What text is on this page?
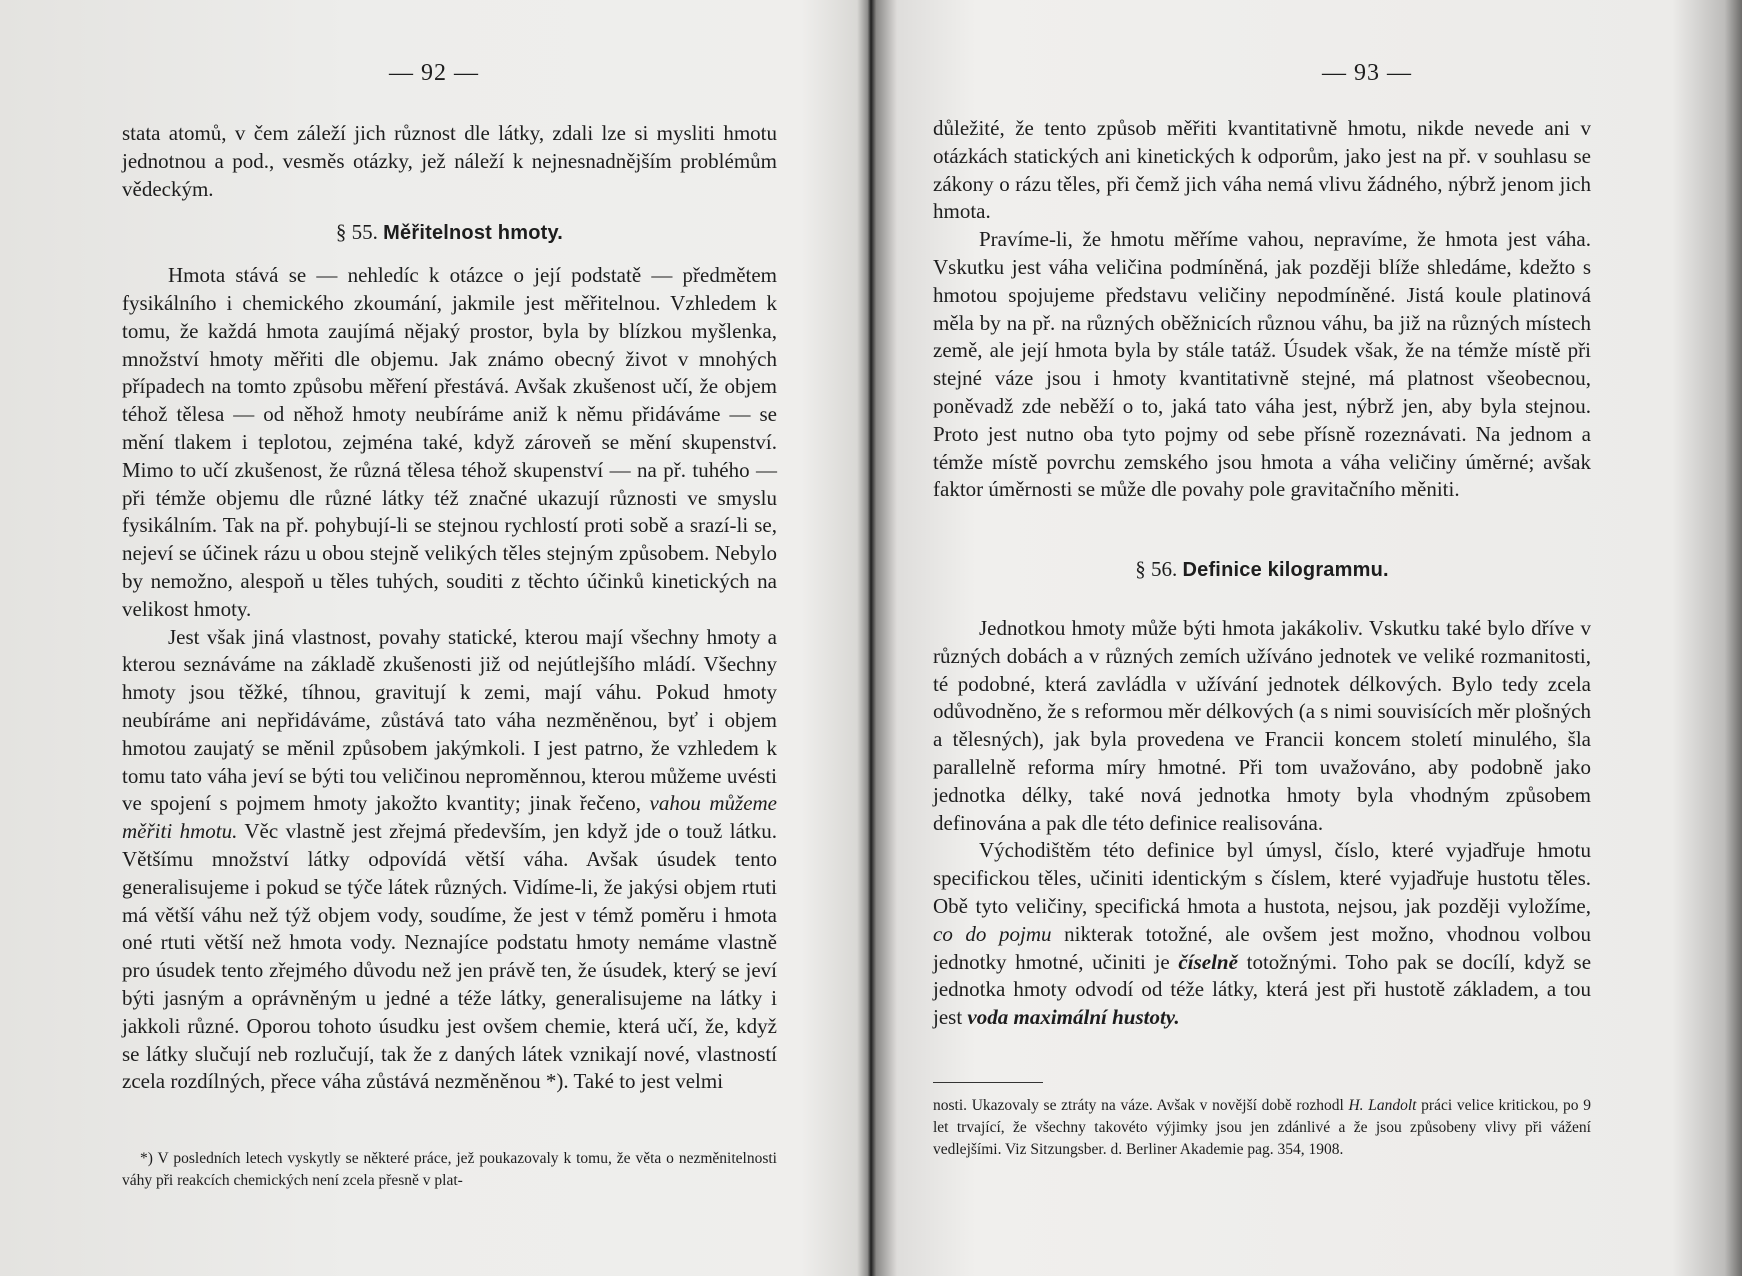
— 92 —

stata atomů, v čem záleží jich různost dle látky, zdali lze si mysliti hmotu jednotnou a pod., vesměs otázky, jež náleží k nejnesnadnějším problémům vědeckým.

§ 55. Měřitelnost hmoty.

Hmota stává se — nehledíc k otázce o její podstatě — předmětem fysikálního i chemického zkoumání, jakmile jest měřitelnou. Vzhledem k tomu, že každá hmota zaujímá nějaký prostor, byla by blízkou myšlenka, množství hmoty měřiti dle objemu. Jak známo obecný život v mnohých případech na tomto způsobu měření přestává. Avšak zkušenost učí, že objem téhož tělesa — od něhož hmoty neubíráme aniž k němu přidáváme — se mění tlakem i teplotou, zejména také, když zároveň se mění skupenství. Mimo to učí zkušenost, že různá tělesa téhož skupenství — na př. tuhého — při témže objemu dle různé látky též značné ukazují různosti ve smyslu fysikálním. Tak na př. pohybují-li se stejnou rychlostí proti sobě a srazí-li se, nejeví se účinek rázu u obou stejně velikých těles stejným způsobem. Nebylo by nemožno, alespoň u těles tuhých, souditi z těchto účinků kinetických na velikost hmoty.

Jest však jiná vlastnost, povahy statické, kterou mají všechny hmoty a kterou seznáváme na základě zkušenosti již od nejútlejšího mládí. Všechny hmoty jsou těžké, tíhnou, gravitují k zemi, mají váhu. Pokud hmoty neubíráme ani nepřidáváme, zůstává tato váha nezměněnou, byť i objem hmotou zaujatý se měnil způsobem jakýmkoli. I jest patrno, že vzhledem k tomu tato váha jeví se býti tou veličinou neproměnnou, kterou můžeme uvésti ve spojení s pojmem hmoty jakožto kvantity; jinak řečeno, vahou můžeme měřiti hmotu. Věc vlastně jest zřejmá především, jen když jde o touž látku. Většímu množství látky odpovídá větší váha. Avšak úsudek tento generalisujeme i pokud se týče látek různých. Vidíme-li, že jakýsi objem rtuti má větší váhu než týž objem vody, soudíme, že jest v témž poměru i hmota oné rtuti větší než hmota vody. Neznajíce podstatu hmoty nemáme vlastně pro úsudek tento zřejmého důvodu než jen právě ten, že úsudek, který se jeví býti jasným a oprávněným u jedné a téže látky, generalisujeme na látky i jakkoli různé. Oporou tohoto úsudku jest ovšem chemie, která učí, že, když se látky slučují neb rozlučují, tak že z daných látek vznikají nové, vlastností zcela rozdílných, přece váha zůstává nezměněnou *). Také to jest velmi

*) V posledních letech vyskytly se některé práce, jež poukazovaly k tomu, že věta o nezměnitelnosti váhy při reakcích chemických není zcela přesně v plat-

— 93 —

důležité, že tento způsob měřiti kvantitativně hmotu, nikde nevede ani v otázkách statických ani kinetických k odporům, jako jest na př. v souhlasu se zákony o rázu těles, při čemž jich váha nemá vlivu žádného, nýbrž jenom jich hmota.

Pravíme-li, že hmotu měříme vahou, nepravíme, že hmota jest váha. Vskutku jest váha veličina podmíněná, jak později blíže shledáme, kdežto s hmotou spojujeme představu veličiny nepodmíněné. Jistá koule platinová měla by na př. na různých oběžnicích různou váhu, ba již na různých místech země, ale její hmota byla by stále tatáž. Úsudek však, že na témže místě při stejné váze jsou i hmoty kvantitativně stejné, má platnost všeobecnou, poněvadž zde neběží o to, jaká tato váha jest, nýbrž jen, aby byla stejnou. Proto jest nutno oba tyto pojmy od sebe přísně rozeznávati. Na jednom a témže místě povrchu zemského jsou hmota a váha veličiny úměrné; avšak faktor úměrnosti se může dle povahy pole gravitačního měniti.

§ 56. Definice kilogrammu.

Jednotkou hmoty může býti hmota jakákoliv. Vskutku také bylo dříve v různých dobách a v různých zemích užíváno jednotek ve veliké rozmanitosti, té podobné, která zavládla v užívání jednotek délkových. Bylo tedy zcela odůvodněno, že s reformou měr délkových (a s nimi souvisících měr plošných a tělesných), jak byla provedena ve Francii koncem století minulého, šla parallelně reforma míry hmotné. Při tom uvažováno, aby podobně jako jednotka délky, také nová jednotka hmoty byla vhodným způsobem definována a pak dle této definice realisována.

Východištěm této definice byl úmysl, číslo, které vyjadřuje hmotu specifickou těles, učiniti identickým s číslem, které vyjadřuje hustotu těles. Obě tyto veličiny, specifická hmota a hustota, nejsou, jak později vyložíme, co do pojmu nikterak totožné, ale ovšem jest možno, vhodnou volbou jednotky hmotné, učiniti je číselně totožnými. Toho pak se docílí, když se jednotka hmoty odvodí od téže látky, která jest při hustotě základem, a tou jest voda maximální hustoty.

nosti. Ukazovaly se ztráty na váze. Avšak v novější době rozhodl H. Landolt práci velice kritickou, po 9 let trvající, že všechny takovéto výjimky jsou jen zdánlivé a že jsou způsobeny vlivy při vážení vedlejšími. Viz Sitzungsber. d. Berliner Akademie pag. 354, 1908.
